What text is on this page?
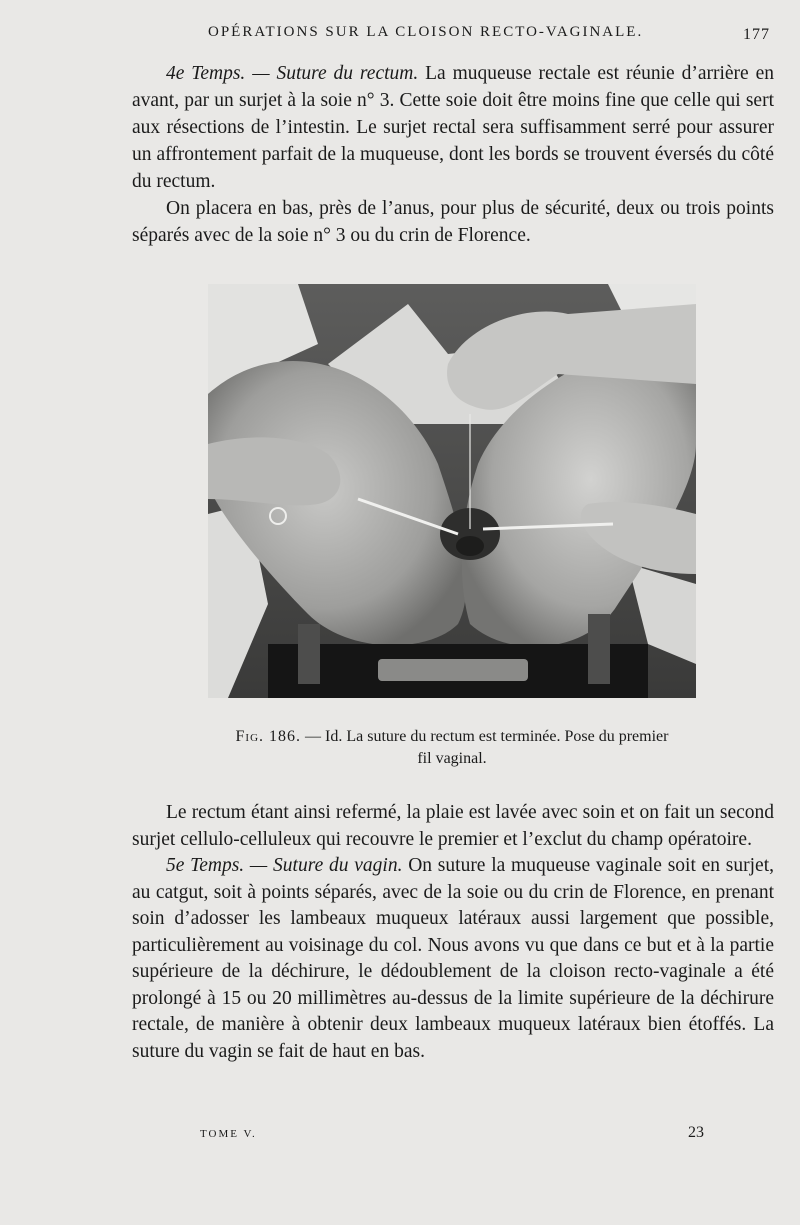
OPÉRATIONS SUR LA CLOISON RECTO-VAGINALE.	177

4e Temps. — Suture du rectum. La muqueuse rectale est réunie d’arrière en avant, par un surjet à la soie n° 3. Cette soie doit être moins fine que celle qui sert aux résections de l’intestin. Le surjet rectal sera suffisamment serré pour assurer un affrontement parfait de la muqueuse, dont les bords se trouvent éversés du côté du rectum.

On placera en bas, près de l’anus, pour plus de sécurité, deux ou trois points séparés avec de la soie n° 3 ou du crin de Florence.

Fig. 186. — Id. La suture du rectum est terminée. Pose du premier fil vaginal.

Le rectum étant ainsi refermé, la plaie est lavée avec soin et on fait un second surjet cellulo-celluleux qui recouvre le premier et l’exclut du champ opératoire.

5e Temps. — Suture du vagin. On suture la muqueuse vaginale soit en surjet, au catgut, soit à points séparés, avec de la soie ou du crin de Florence, en prenant soin d’adosser les lambeaux muqueux latéraux aussi largement que possible, particulièrement au voisinage du col. Nous avons vu que dans ce but et à la partie supérieure de la déchirure, le dédoublement de la cloison recto-vaginale a été prolongé à 15 ou 20 millimètres au-dessus de la limite supérieure de la déchirure rectale, de manière à obtenir deux lambeaux muqueux latéraux bien étoffés. La suture du vagin se fait de haut en bas.

TOME V.	23
